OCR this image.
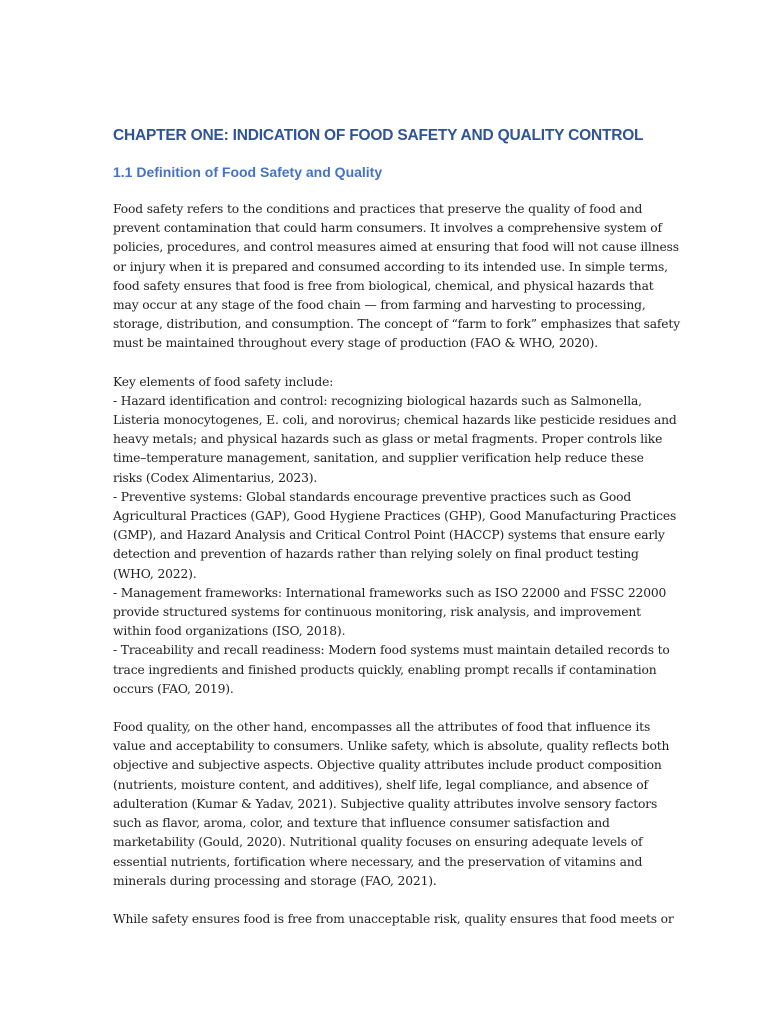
CHAPTER ONE: INDICATION OF FOOD SAFETY AND QUALITY CONTROL
1.1 Definition of Food Safety and Quality

Food safety refers to the conditions and practices that preserve the quality of food and
prevent contamination that could harm consumers. It involves a comprehensive system of
policies, procedures, and control measures aimed at ensuring that food will not cause illness
or injury when it is prepared and consumed according to its intended use. In simple terms,
food safety ensures that food is free from biological, chemical, and physical hazards that
may occur at any stage of the food chain — from farming and harvesting to processing,
storage, distribution, and consumption. The concept of “farm to fork” emphasizes that safety
must be maintained throughout every stage of production (FAO & WHO, 2020).

Key elements of food safety include:
- Hazard identification and control: recognizing biological hazards such as Salmonella,
Listeria monocytogenes, E. coli, and norovirus; chemical hazards like pesticide residues and
heavy metals; and physical hazards such as glass or metal fragments. Proper controls like
time–temperature management, sanitation, and supplier verification help reduce these
risks (Codex Alimentarius, 2023).
- Preventive systems: Global standards encourage preventive practices such as Good
Agricultural Practices (GAP), Good Hygiene Practices (GHP), Good Manufacturing Practices
(GMP), and Hazard Analysis and Critical Control Point (HACCP) systems that ensure early
detection and prevention of hazards rather than relying solely on final product testing
(WHO, 2022).
- Management frameworks: International frameworks such as ISO 22000 and FSSC 22000
provide structured systems for continuous monitoring, risk analysis, and improvement
within food organizations (ISO, 2018).
- Traceability and recall readiness: Modern food systems must maintain detailed records to
trace ingredients and finished products quickly, enabling prompt recalls if contamination
occurs (FAO, 2019).

Food quality, on the other hand, encompasses all the attributes of food that influence its
value and acceptability to consumers. Unlike safety, which is absolute, quality reflects both
objective and subjective aspects. Objective quality attributes include product composition
(nutrients, moisture content, and additives), shelf life, legal compliance, and absence of
adulteration (Kumar & Yadav, 2021). Subjective quality attributes involve sensory factors
such as flavor, aroma, color, and texture that influence consumer satisfaction and
marketability (Gould, 2020). Nutritional quality focuses on ensuring adequate levels of
essential nutrients, fortification where necessary, and the preservation of vitamins and
minerals during processing and storage (FAO, 2021).

While safety ensures food is free from unacceptable risk, quality ensures that food meets or
